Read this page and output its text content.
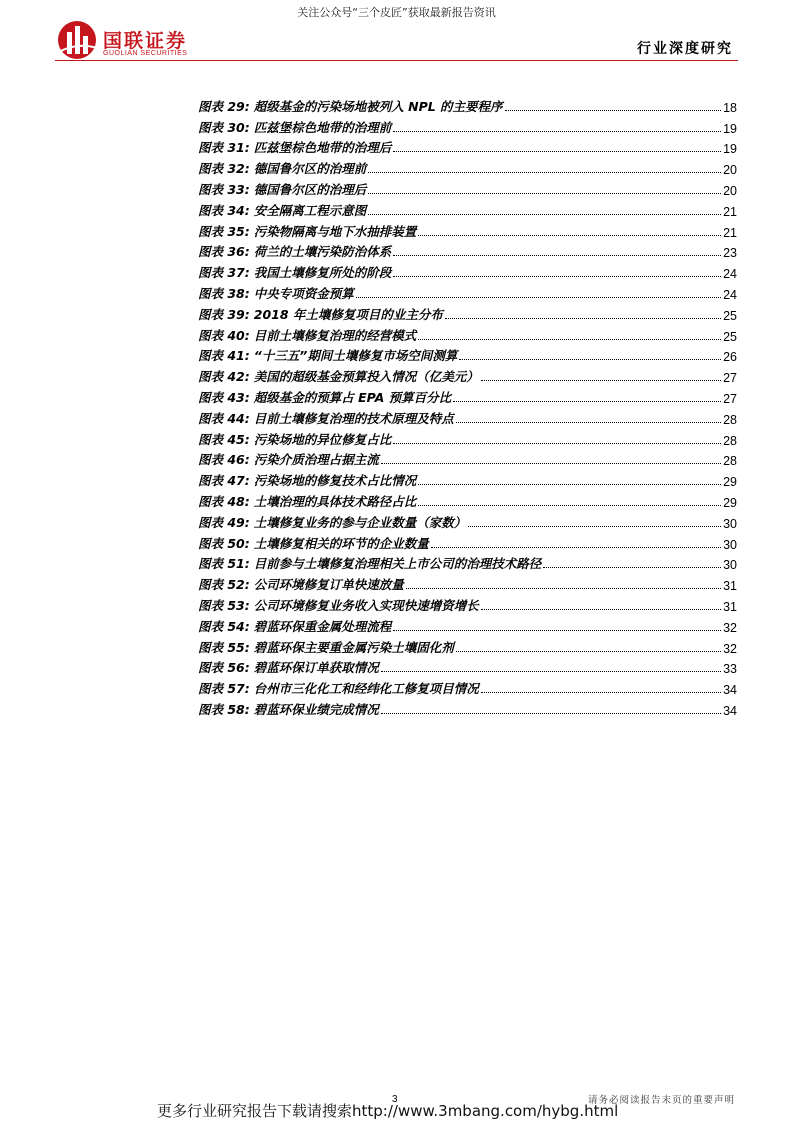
关注公众号“三个皮匠”获取最新报告资讯
国联证券
GUOLIAN SECURITIES	行业深度研究
图表 29: 超级基金的污染场地被列入 NPL 的主要程序	18
图表 30: 匹兹堡棕色地带的治理前	19
图表 31: 匹兹堡棕色地带的治理后	19
图表 32: 德国鲁尔区的治理前	20
图表 33: 德国鲁尔区的治理后	20
图表 34: 安全隔离工程示意图	21
图表 35: 污染物隔离与地下水抽排装置	21
图表 36: 荷兰的土壤污染防治体系	23
图表 37: 我国土壤修复所处的阶段	24
图表 38: 中央专项资金预算	24
图表 39: 2018 年土壤修复项目的业主分布	25
图表 40: 目前土壤修复治理的经营模式	25
图表 41: “十三五”期间土壤修复市场空间测算	26
图表 42: 美国的超级基金预算投入情况（亿美元）	27
图表 43: 超级基金的预算占 EPA 预算百分比	27
图表 44: 目前土壤修复治理的技术原理及特点	28
图表 45: 污染场地的异位修复占比	28
图表 46: 污染介质治理占据主流	28
图表 47: 污染场地的修复技术占比情况	29
图表 48: 土壤治理的具体技术路径占比	29
图表 49: 土壤修复业务的参与企业数量（家数）	30
图表 50: 土壤修复相关的环节的企业数量	30
图表 51: 目前参与土壤修复治理相关上市公司的治理技术路径	30
图表 52: 公司环境修复订单快速放量	31
图表 53: 公司环境修复业务收入实现快速增资增长	31
图表 54: 碧蓝环保重金属处理流程	32
图表 55: 碧蓝环保主要重金属污染土壤固化剂	32
图表 56: 碧蓝环保订单获取情况	33
图表 57: 台州市三化化工和经纬化工修复项目情况	34
图表 58: 碧蓝环保业绩完成情况	34
3
更多行业研究报告下载请搜索http://www.3mbang.com/hybg.html
请务必阅读报告末页的重要声明
